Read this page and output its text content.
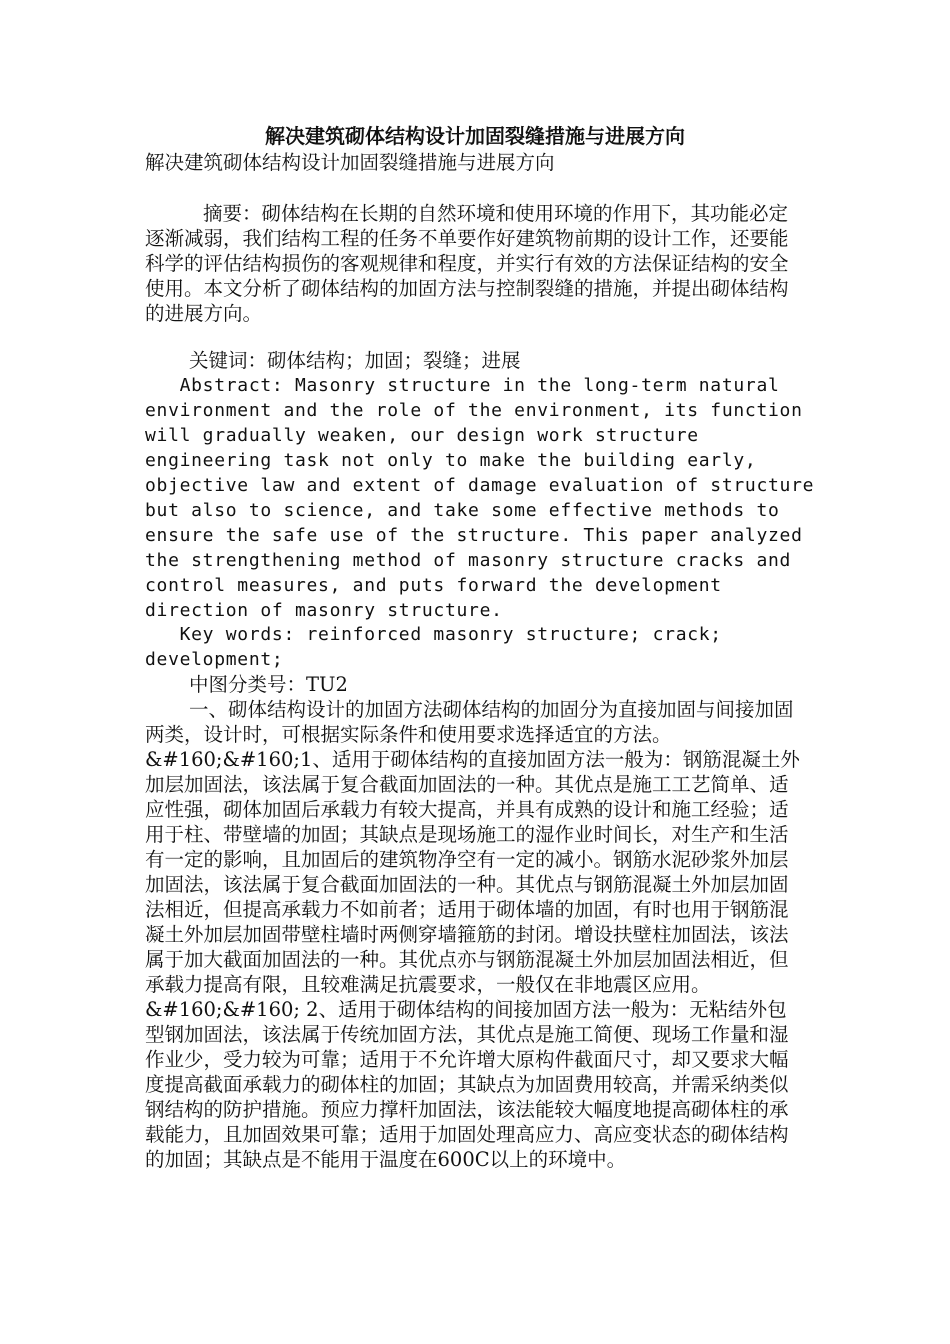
解决建筑砌体结构设计加固裂缝措施与进展方向

解决建筑砌体结构设计加固裂缝措施与进展方向

摘要：砌体结构在长期的自然环境和使用环境的作用下，其功能必定逐渐减弱，我们结构工程的任务不单要作好建筑物前期的设计工作，还要能科学的评估结构损伤的客观规律和程度，并实行有效的方法保证结构的安全使用。本文分析了砌体结构的加固方法与控制裂缝的措施，并提出砌体结构的进展方向。

关键词：砌体结构；加固；裂缝；进展

Abstract: Masonry structure in the long-term natural
environment and the role of the environment, its function
will gradually weaken, our design work structure
engineering task not only to make the building early,
objective law and extent of damage evaluation of structure
but also to science, and take some effective methods to
ensure the safe use of the structure. This paper analyzed
the strengthening method of masonry structure cracks and
control measures, and puts forward the development
direction of masonry structure.

Key words: reinforced masonry structure; crack;
development;

中图分类号：TU2

一、砌体结构设计的加固方法砌体结构的加固分为直接加固与间接加固两类，设计时，可根据实际条件和使用要求选择适宜的方法。&#160;&#160;1、适用于砌体结构的直接加固方法一般为：钢筋混凝土外加层加固法，该法属于复合截面加固法的一种。其优点是施工工艺简单、适应性强，砌体加固后承载力有较大提高，并具有成熟的设计和施工经验；适用于柱、带壁墙的加固；其缺点是现场施工的湿作业时间长，对生产和生活有一定的影响，且加固后的建筑物净空有一定的减小。钢筋水泥砂浆外加层加固法，该法属于复合截面加固法的一种。其优点与钢筋混凝土外加层加固法相近，但提高承载力不如前者；适用于砌体墙的加固，有时也用于钢筋混凝土外加层加固带壁柱墙时两侧穿墙箍筋的封闭。增设扶壁柱加固法，该法属于加大截面加固法的一种。其优点亦与钢筋混凝土外加层加固法相近，但承载力提高有限，且较难满足抗震要求，一般仅在非地震区应用。&#160;&#160; 2、适用于砌体结构的间接加固方法一般为：无粘结外包型钢加固法，该法属于传统加固方法，其优点是施工简便、现场工作量和湿作业少，受力较为可靠；适用于不允许增大原构件截面尺寸，却又要求大幅度提高截面承载力的砌体柱的加固；其缺点为加固费用较高，并需采纳类似钢结构的防护措施。预应力撑杆加固法，该法能较大幅度地提高砌体柱的承载能力，且加固效果可靠；适用于加固处理高应力、高应变状态的砌体结构的加固；其缺点是不能用于温度在600C以上的环境中。
